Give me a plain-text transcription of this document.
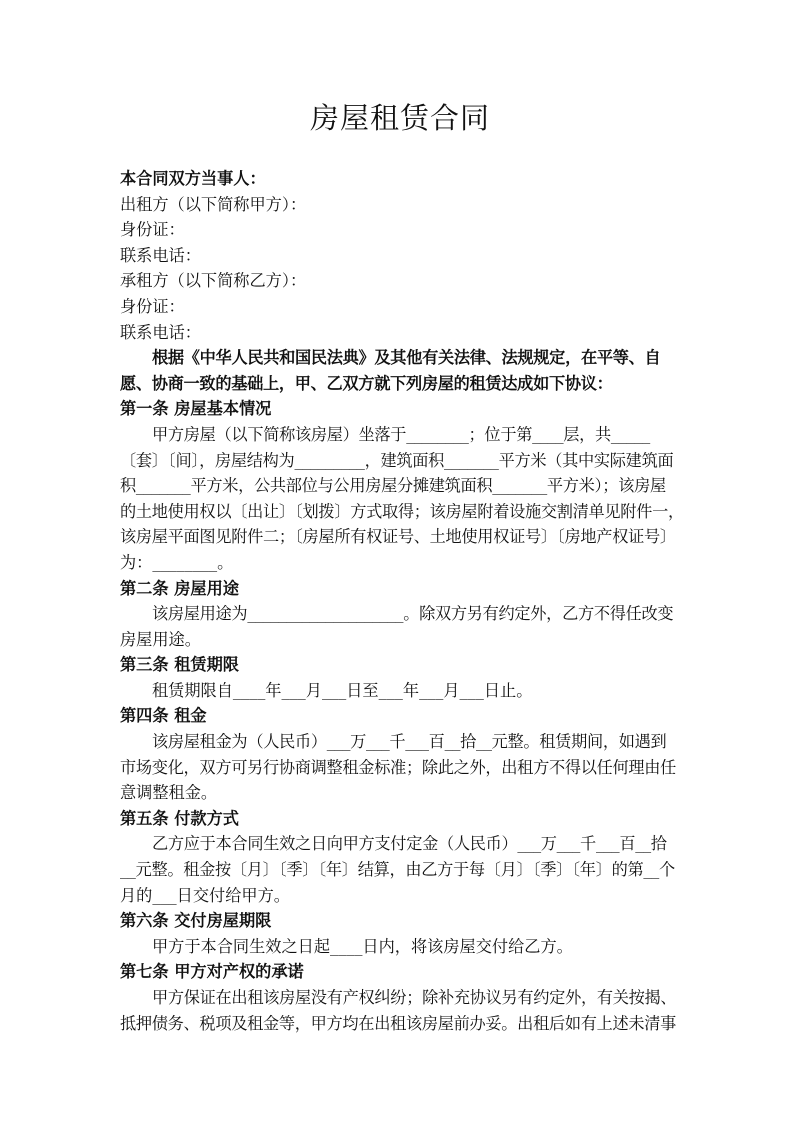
房屋租赁合同
本合同双方当事人：
出租方（以下简称甲方）：
身份证：
联系电话：
承租方（以下简称乙方）：
身份证：
联系电话：
根据《中华人民共和国民法典》及其他有关法律、法规规定，在平等、自
愿、协商一致的基础上，甲、乙双方就下列房屋的租赁达成如下协议：
第一条 房屋基本情况
甲方房屋（以下简称该房屋）坐落于________；位于第____层，共_____
〔套〕〔间〕，房屋结构为_________，建筑面积_______平方米（其中实际建筑面
积_______平方米，公共部位与公用房屋分摊建筑面积_______平方米）；该房屋
的土地使用权以〔出让〕〔划拨〕方式取得；该房屋附着设施交割清单见附件一，
该房屋平面图见附件二；〔房屋所有权证号、土地使用权证号〕〔房地产权证号〕
为：________。
第二条 房屋用途
该房屋用途为____________________。除双方另有约定外，乙方不得任改变
房屋用途。
第三条 租赁期限
租赁期限自____年___月___日至___年___月___日止。
第四条 租金
该房屋租金为（人民币）___万___千___百__拾__元整。租赁期间，如遇到
市场变化，双方可另行协商调整租金标准；除此之外，出租方不得以任何理由任
意调整租金。
第五条 付款方式
乙方应于本合同生效之日向甲方支付定金（人民币）___万___千___百__拾
__元整。租金按〔月〕〔季〕〔年〕结算，由乙方于每〔月〕〔季〕〔年〕的第__个
月的___日交付给甲方。
第六条 交付房屋期限
甲方于本合同生效之日起____日内，将该房屋交付给乙方。
第七条 甲方对产权的承诺
甲方保证在出租该房屋没有产权纠纷；除补充协议另有约定外，有关按揭、
抵押债务、税项及租金等，甲方均在出租该房屋前办妥。出租后如有上述未清事
